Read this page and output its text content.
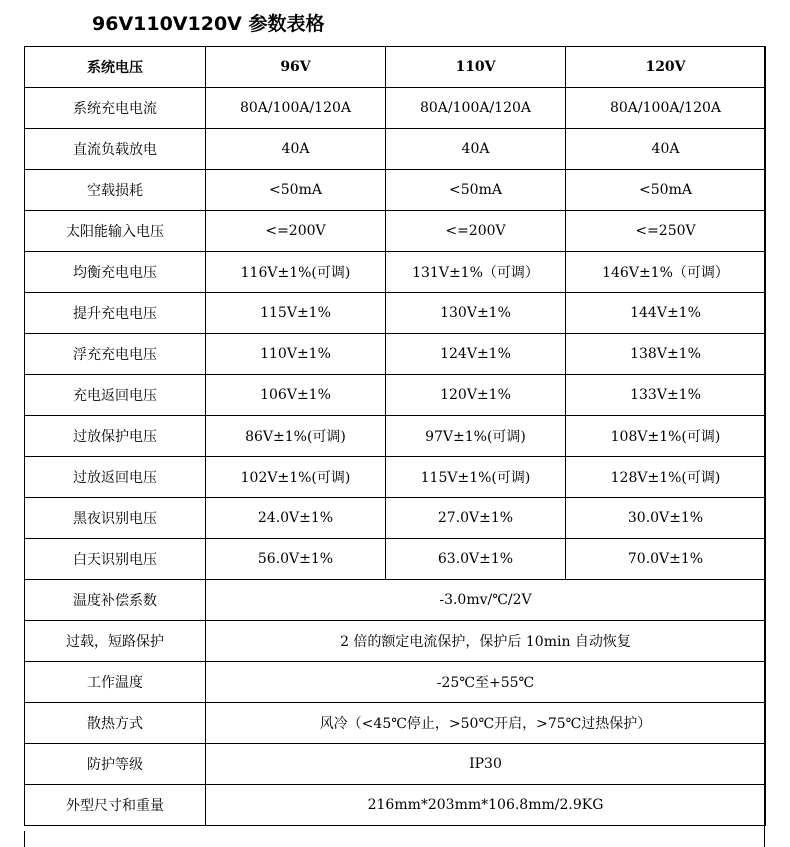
96V110V120V 参数表格
系统电压	96V	110V	120V
系统充电电流	80A/100A/120A	80A/100A/120A	80A/100A/120A
直流负载放电	40A	40A	40A
空载损耗	<50mA	<50mA	<50mA
太阳能输入电压	<=200V	<=200V	<=250V
均衡充电电压	116V±1%(可调)	131V±1%（可调）	146V±1%（可调）
提升充电电压	115V±1%	130V±1%	144V±1%
浮充充电电压	110V±1%	124V±1%	138V±1%
充电返回电压	106V±1%	120V±1%	133V±1%
过放保护电压	86V±1%(可调)	97V±1%(可调)	108V±1%(可调)
过放返回电压	102V±1%(可调)	115V±1%(可调)	128V±1%(可调)
黑夜识别电压	24.0V±1%	27.0V±1%	30.0V±1%
白天识别电压	56.0V±1%	63.0V±1%	70.0V±1%
温度补偿系数	-3.0mv/℃/2V		
过载，短路保护	2 倍的额定电流保护，保护后 10min 自动恢复		
工作温度	-25℃至+55℃		
散热方式	风冷（<45℃停止，>50℃开启，>75℃过热保护）		
防护等级	IP30		
外型尺寸和重量	216mm*203mm*106.8mm/2.9KG		
